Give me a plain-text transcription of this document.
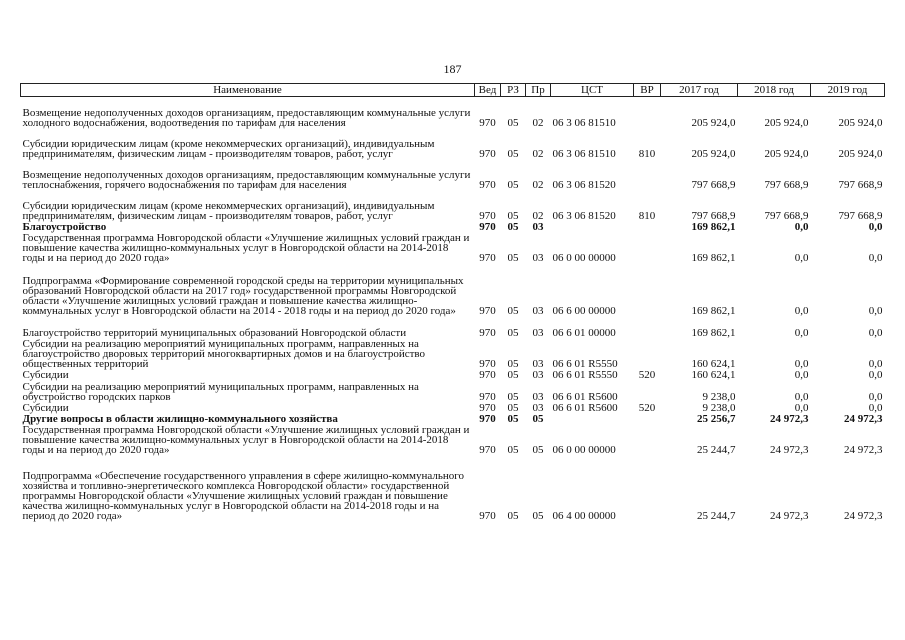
187
Наименование	Вед	РЗ	Пр	ЦСТ	ВР	2017 год	2018 год	2019 год
Возмещение недополученных доходов организациям, предоставляющим коммунальные услуги холодного водоснабжения, водоотведения по тарифам для населения	970	05	02	06 3 06 81510		205 924,0	205 924,0	205 924,0
Субсидии юридическим лицам (кроме некоммерческих организаций), индивидуальным предпринимателям, физическим лицам - производителям товаров, работ, услуг	970	05	02	06 3 06 81510	810	205 924,0	205 924,0	205 924,0
Возмещение недополученных доходов организациям, предоставляющим коммунальные услуги теплоснабжения, горячего водоснабжения по тарифам для населения	970	05	02	06 3 06 81520		797 668,9	797 668,9	797 668,9
Субсидии юридическим лицам (кроме некоммерческих организаций), индивидуальным предпринимателям, физическим лицам - производителям товаров, работ, услуг	970	05	02	06 3 06 81520	810	797 668,9	797 668,9	797 668,9
Благоустройство	970	05	03			169 862,1	0,0	0,0
Государственная программа Новгородской области «Улучшение жилищных условий граждан и повышение качества жилищно-коммунальных услуг в Новгородской области на 2014-2018 годы и на период до 2020 года»	970	05	03	06 0 00 00000		169 862,1	0,0	0,0
Подпрограмма «Формирование современной городской среды на территории муниципальных образований Новгородской области на 2017 год» государственной программы Новгородской области «Улучшение жилищных условий граждан и повышение качества жилищно-коммунальных услуг в Новгородской области на 2014 - 2018 годы и на период до 2020 года»	970	05	03	06 6 00 00000		169 862,1	0,0	0,0
Благоустройство территорий муниципальных образований Новгородской области	970	05	03	06 6 01 00000		169 862,1	0,0	0,0
Субсидии на реализацию мероприятий муниципальных программ, направленных на благоустройство дворовых территорий многоквартирных домов и на благоустройство общественных территорий	970	05	03	06 6 01 R5550		160 624,1	0,0	0,0
Субсидии	970	05	03	06 6 01 R5550	520	160 624,1	0,0	0,0
Субсидии на реализацию мероприятий муниципальных программ, направленных на обустройство городских парков	970	05	03	06 6 01 R5600		9 238,0	0,0	0,0
Субсидии	970	05	03	06 6 01 R5600	520	9 238,0	0,0	0,0
Другие вопросы в области жилищно-коммунального хозяйства	970	05	05			25 256,7	24 972,3	24 972,3
Государственная программа Новгородской области «Улучшение жилищных условий граждан и повышение качества жилищно-коммунальных услуг в Новгородской области на 2014-2018 годы и на период до 2020 года»	970	05	05	06 0 00 00000		25 244,7	24 972,3	24 972,3
Подпрограмма «Обеспечение государственного управления в сфере жилищно-коммунального хозяйства и топливно-энергетического комплекса Новгородской области» государственной программы Новгородской области «Улучшение жилищных условий граждан и повышение качества жилищно-коммунальных услуг в Новгородской области на 2014-2018 годы и на период до 2020 года»	970	05	05	06 4 00 00000		25 244,7	24 972,3	24 972,3
